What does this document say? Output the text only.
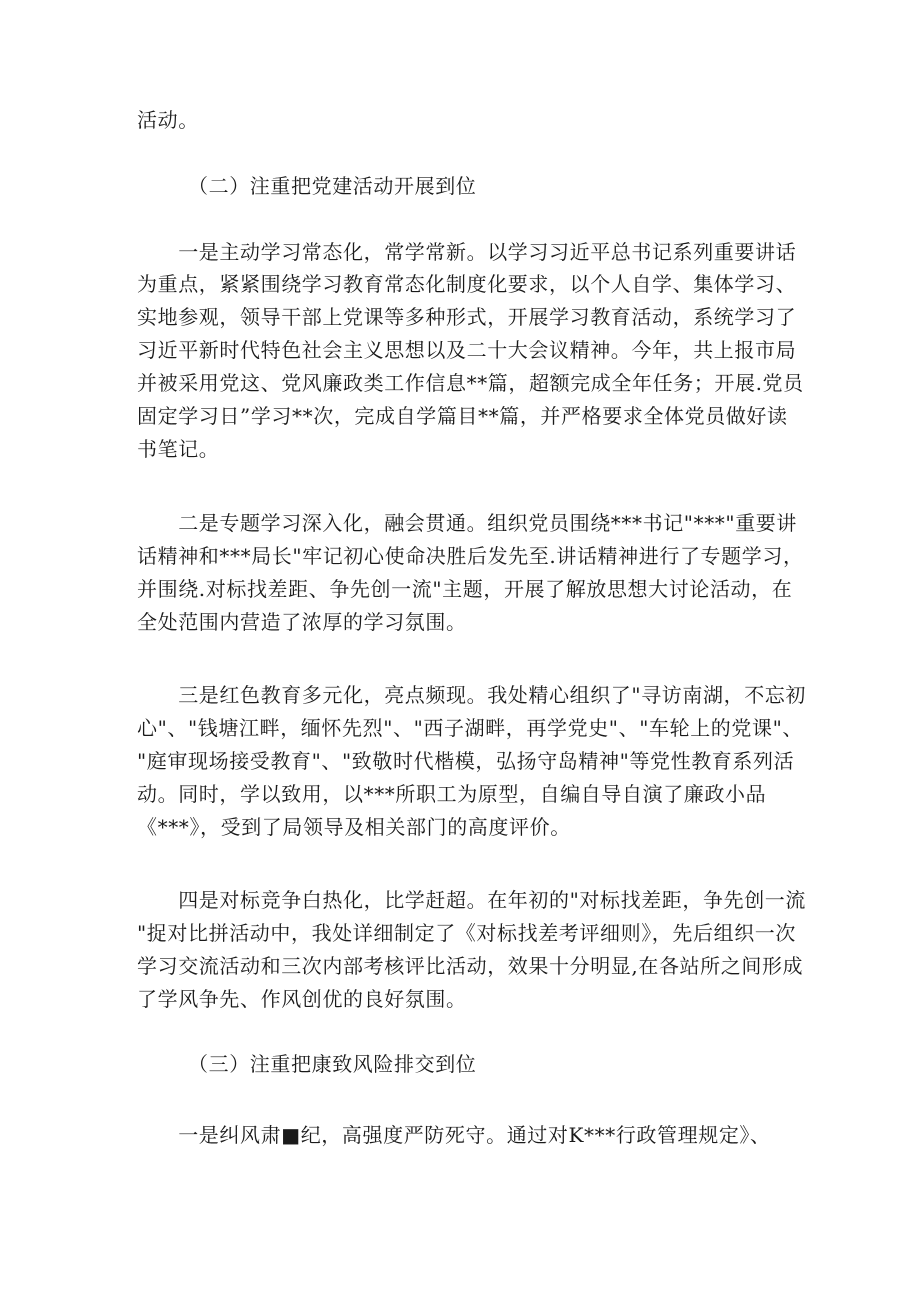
活动。
（二）注重把党建活动开展到位
　　一是主动学习常态化，常学常新。以学习习近平总书记系列重要讲话
为重点，紧紧围绕学习教育常态化制度化要求，以个人自学、集体学习、
实地参观，领导干部上党课等多种形式，开展学习教育活动，系统学习了
习近平新时代特色社会主义思想以及二十大会议精神。今年，共上报市局
并被采用党这、党风廉政类工作信息**篇，超额完成全年任务；开展.党员
固定学习日”学习**次，完成自学篇目**篇，并严格要求全体党员做好读
书笔记。
　　二是专题学习深入化，融会贯通。组织党员围绕***书记"***"重要讲
话精神和***局长"牢记初心使命决胜后发先至.讲话精神进行了专题学习，
并围绕.对标找差距、争先创一流"主题，开展了解放思想大讨论活动，在
全处范围内营造了浓厚的学习氛围。
　　三是红色教育多元化，亮点频现。我处精心组织了"寻访南湖，不忘初
心"、"钱塘江畔，缅怀先烈"、"西子湖畔，再学党史"、"车轮上的党课"、
"庭审现场接受教育"、"致敬时代楷模，弘扬守岛精神"等党性教育系列活
动。同时，学以致用，以***所职工为原型，自编自导自演了廉政小品
《***》，受到了局领导及相关部门的高度评价。
　　四是对标竞争白热化，比学赶超。在年初的"对标找差距，争先创一流
"捉对比拼活动中，我处详细制定了《对标找差考评细则》，先后组织一次
学习交流活动和三次内部考核评比活动，效果十分明显,在各站所之间形成
了学风争先、作风创优的良好氛围。
（三）注重把康致风险排交到位
　　一是纠风肃■纪，高强度严防死守。通过对K***行政管理规定》、
